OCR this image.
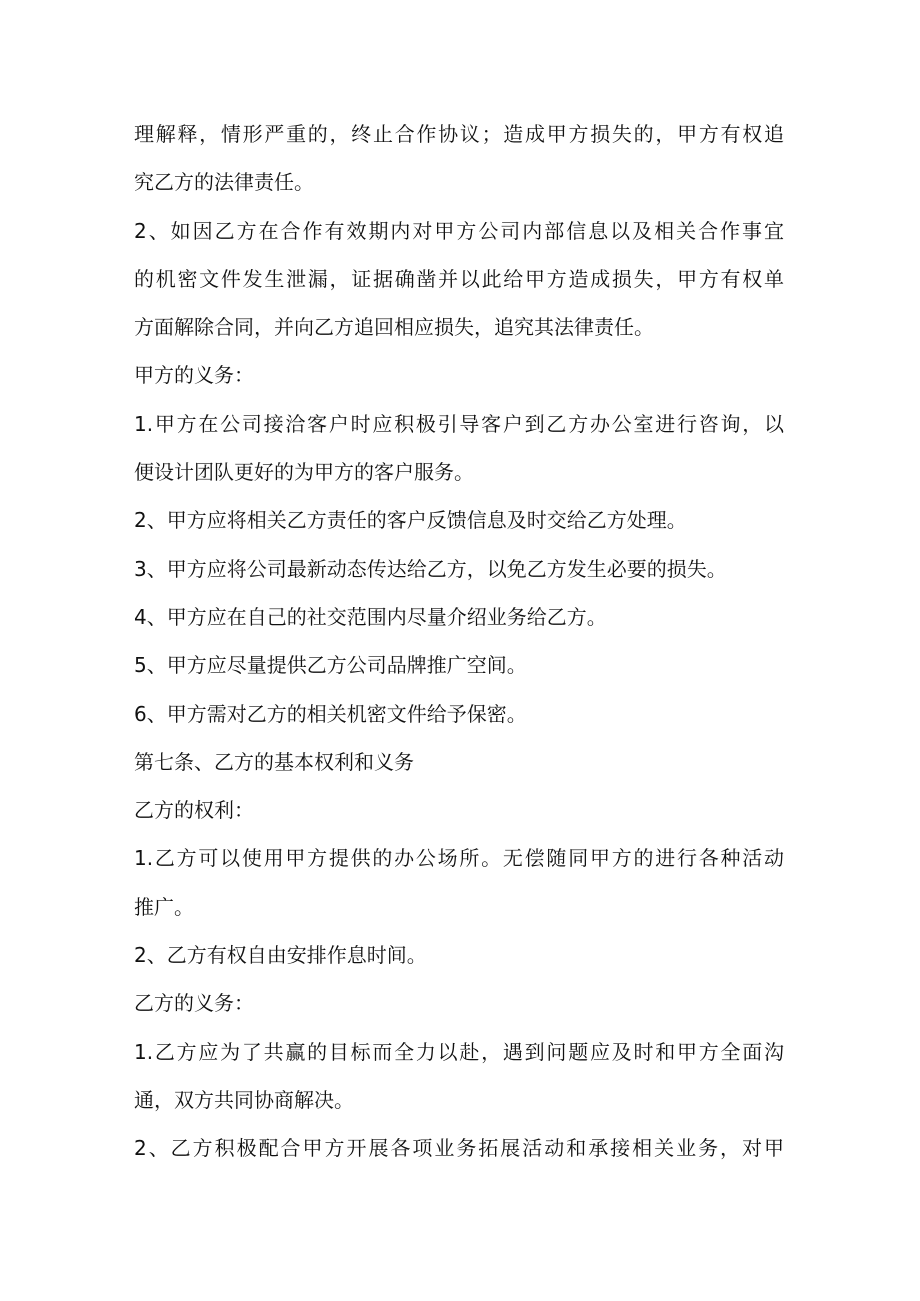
理解释，情形严重的，终止合作协议；造成甲方损失的，甲方有权追
究乙方的法律责任。
2、如因乙方在合作有效期内对甲方公司内部信息以及相关合作事宜
的机密文件发生泄漏，证据确凿并以此给甲方造成损失，甲方有权单
方面解除合同，并向乙方追回相应损失，追究其法律责任。
甲方的义务：
1.甲方在公司接洽客户时应积极引导客户到乙方办公室进行咨询，以
便设计团队更好的为甲方的客户服务。
2、甲方应将相关乙方责任的客户反馈信息及时交给乙方处理。
3、甲方应将公司最新动态传达给乙方，以免乙方发生必要的损失。
4、甲方应在自己的社交范围内尽量介绍业务给乙方。
5、甲方应尽量提供乙方公司品牌推广空间。
6、甲方需对乙方的相关机密文件给予保密。
第七条、乙方的基本权利和义务
乙方的权利：
1.乙方可以使用甲方提供的办公场所。无偿随同甲方的进行各种活动
推广。
2、乙方有权自由安排作息时间。
乙方的义务：
1.乙方应为了共赢的目标而全力以赴，遇到问题应及时和甲方全面沟
通，双方共同协商解决。
2、乙方积极配合甲方开展各项业务拓展活动和承接相关业务，对甲
